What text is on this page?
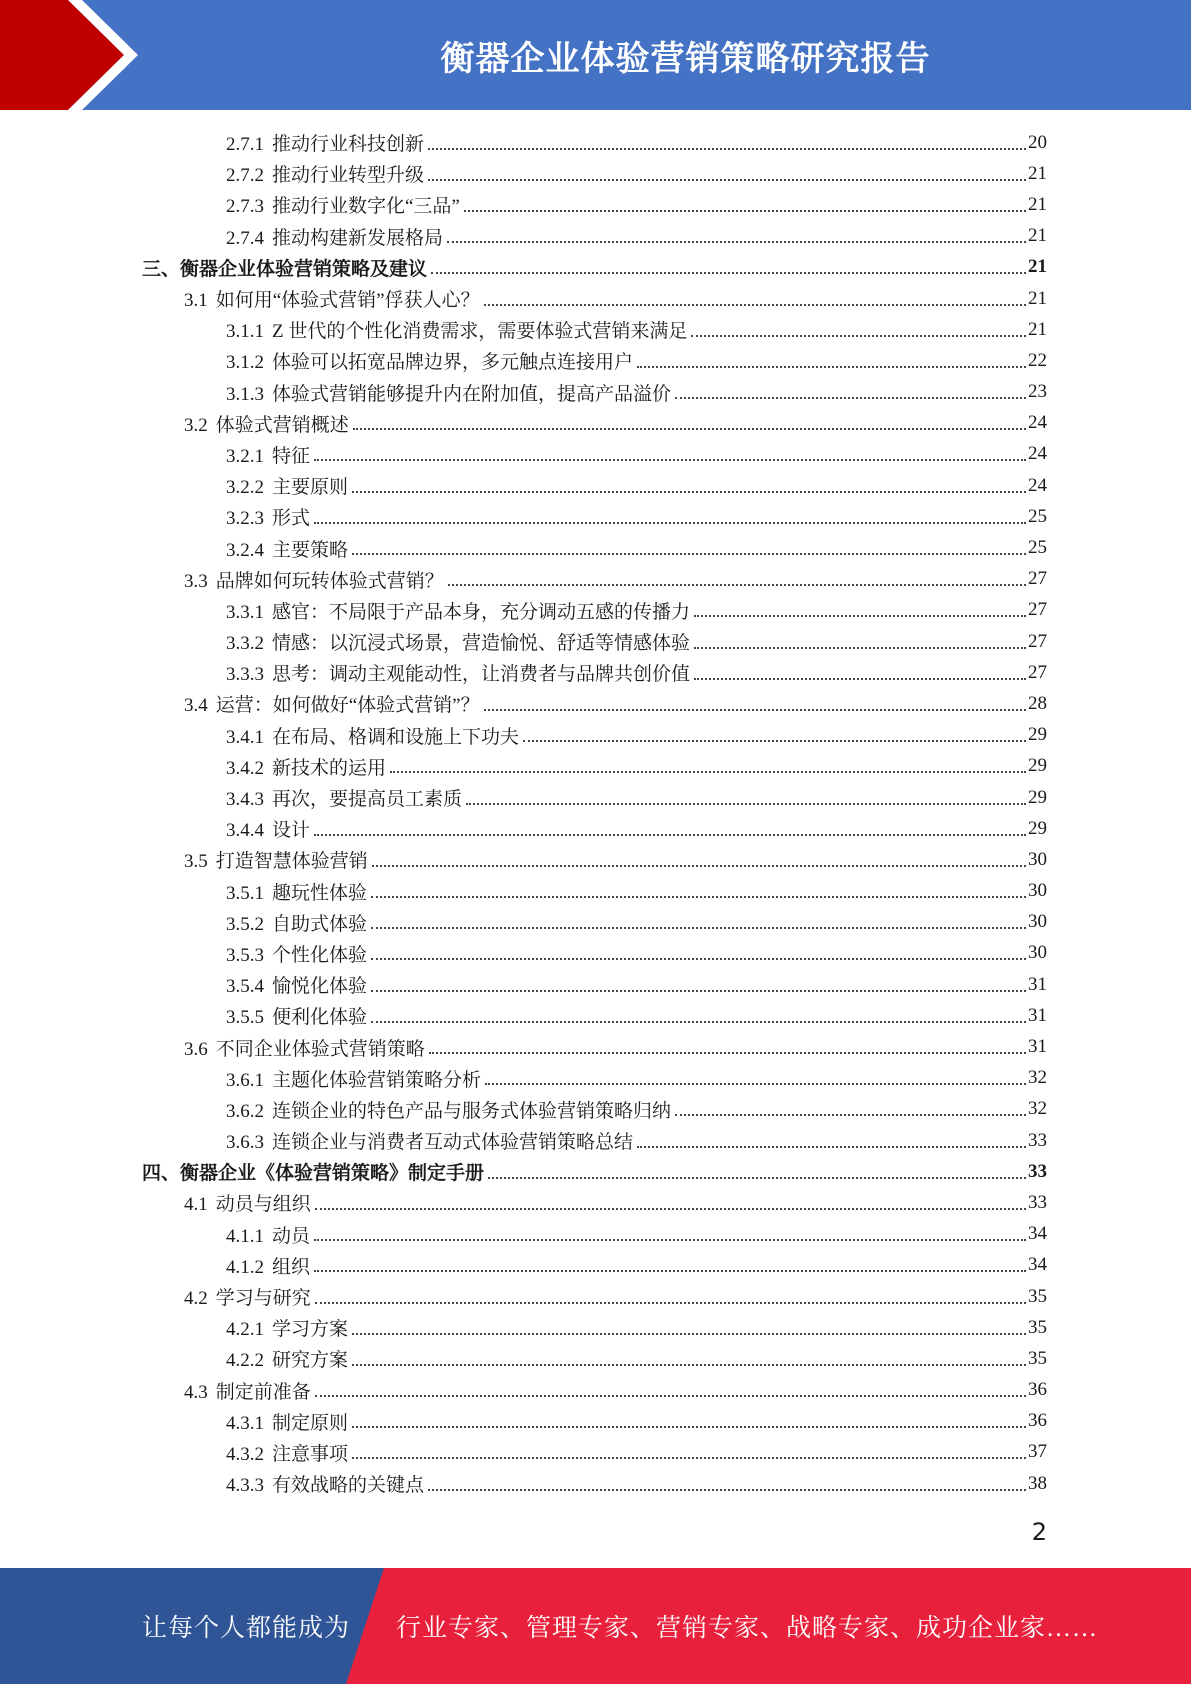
衡器企业体验营销策略研究报告
2.7.1 推动行业科技创新	20
2.7.2 推动行业转型升级	21
2.7.3 推动行业数字化“三品”	21
2.7.4 推动构建新发展格局	21
三、衡器企业体验营销策略及建议	21
3.1 如何用“体验式营销”俘获人心？	21
3.1.1 Z 世代的个性化消费需求，需要体验式营销来满足	21
3.1.2 体验可以拓宽品牌边界，多元触点连接用户	22
3.1.3 体验式营销能够提升内在附加值，提高产品溢价	23
3.2 体验式营销概述	24
3.2.1 特征	24
3.2.2 主要原则	24
3.2.3 形式	25
3.2.4 主要策略	25
3.3 品牌如何玩转体验式营销？	27
3.3.1 感官：不局限于产品本身，充分调动五感的传播力	27
3.3.2 情感：以沉浸式场景，营造愉悦、舒适等情感体验	27
3.3.3 思考：调动主观能动性，让消费者与品牌共创价值	27
3.4 运营：如何做好“体验式营销”？	28
3.4.1 在布局、格调和设施上下功夫	29
3.4.2 新技术的运用	29
3.4.3 再次，要提高员工素质	29
3.4.4 设计	29
3.5 打造智慧体验营销	30
3.5.1 趣玩性体验	30
3.5.2 自助式体验	30
3.5.3 个性化体验	30
3.5.4 愉悦化体验	31
3.5.5 便利化体验	31
3.6 不同企业体验式营销策略	31
3.6.1 主题化体验营销策略分析	32
3.6.2 连锁企业的特色产品与服务式体验营销策略归纳	32
3.6.3 连锁企业与消费者互动式体验营销策略总结	33
四、衡器企业《体验营销策略》制定手册	33
4.1 动员与组织	33
4.1.1 动员	34
4.1.2 组织	34
4.2 学习与研究	35
4.2.1 学习方案	35
4.2.2 研究方案	35
4.3 制定前准备	36
4.3.1 制定原则	36
4.3.2 注意事项	37
4.3.3 有效战略的关键点	38
2
让每个人都能成为 行业专家、管理专家、营销专家、战略专家、成功企业家……
